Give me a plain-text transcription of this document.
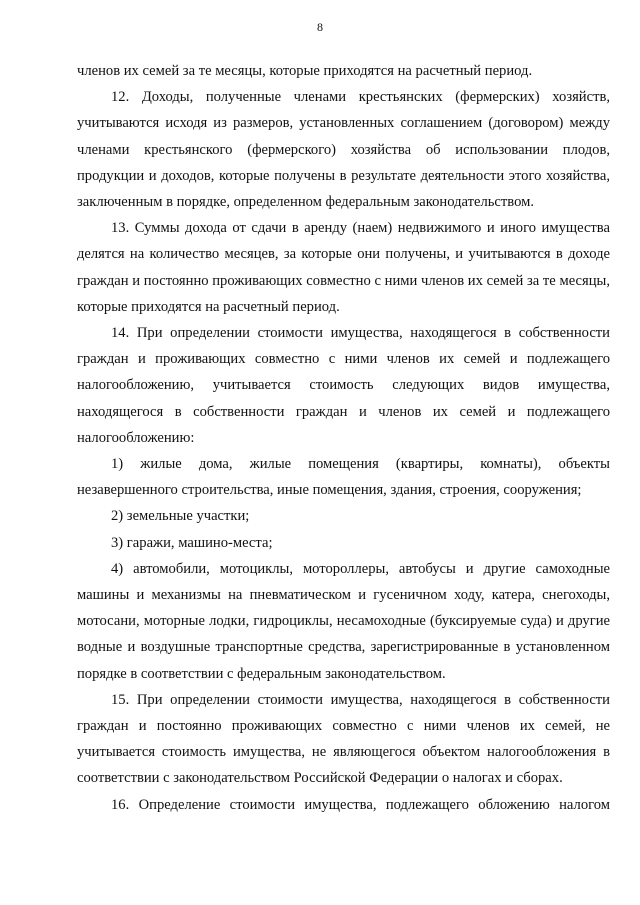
8

членов их семей за те месяцы, которые приходятся на расчетный период.

12. Доходы, полученные членами крестьянских (фермерских) хозяйств, учитываются исходя из размеров, установленных соглашением (договором) между членами крестьянского (фермерского) хозяйства об использовании плодов, продукции и доходов, которые получены в результате деятельности этого хозяйства, заключенным в порядке, определенном федеральным законодательством.

13. Суммы дохода от сдачи в аренду (наем) недвижимого и иного имущества делятся на количество месяцев, за которые они получены, и учитываются в доходе граждан и постоянно проживающих совместно с ними членов их семей за те месяцы, которые приходятся на расчетный период.

14. При определении стоимости имущества, находящегося в собственности граждан и проживающих совместно с ними членов их семей и подлежащего налогообложению, учитывается стоимость следующих видов имущества, находящегося в собственности граждан и членов их семей и подлежащего налогообложению:

1) жилые дома, жилые помещения (квартиры, комнаты), объекты незавершенного строительства, иные помещения, здания, строения, сооружения;

2) земельные участки;

3) гаражи, машино-места;

4) автомобили, мотоциклы, мотороллеры, автобусы и другие самоходные машины и механизмы на пневматическом и гусеничном ходу, катера, снегоходы, мотосани, моторные лодки, гидроциклы, несамоходные (буксируемые суда) и другие водные и воздушные транспортные средства, зарегистрированные в установленном порядке в соответствии с федеральным законодательством.

15. При определении стоимости имущества, находящегося в собственности граждан и постоянно проживающих совместно с ними членов их семей, не учитывается стоимость имущества, не являющегося объектом налогообложения в соответствии с законодательством Российской Федерации о налогах и сборах.

16. Определение стоимости имущества, подлежащего обложению налогом
